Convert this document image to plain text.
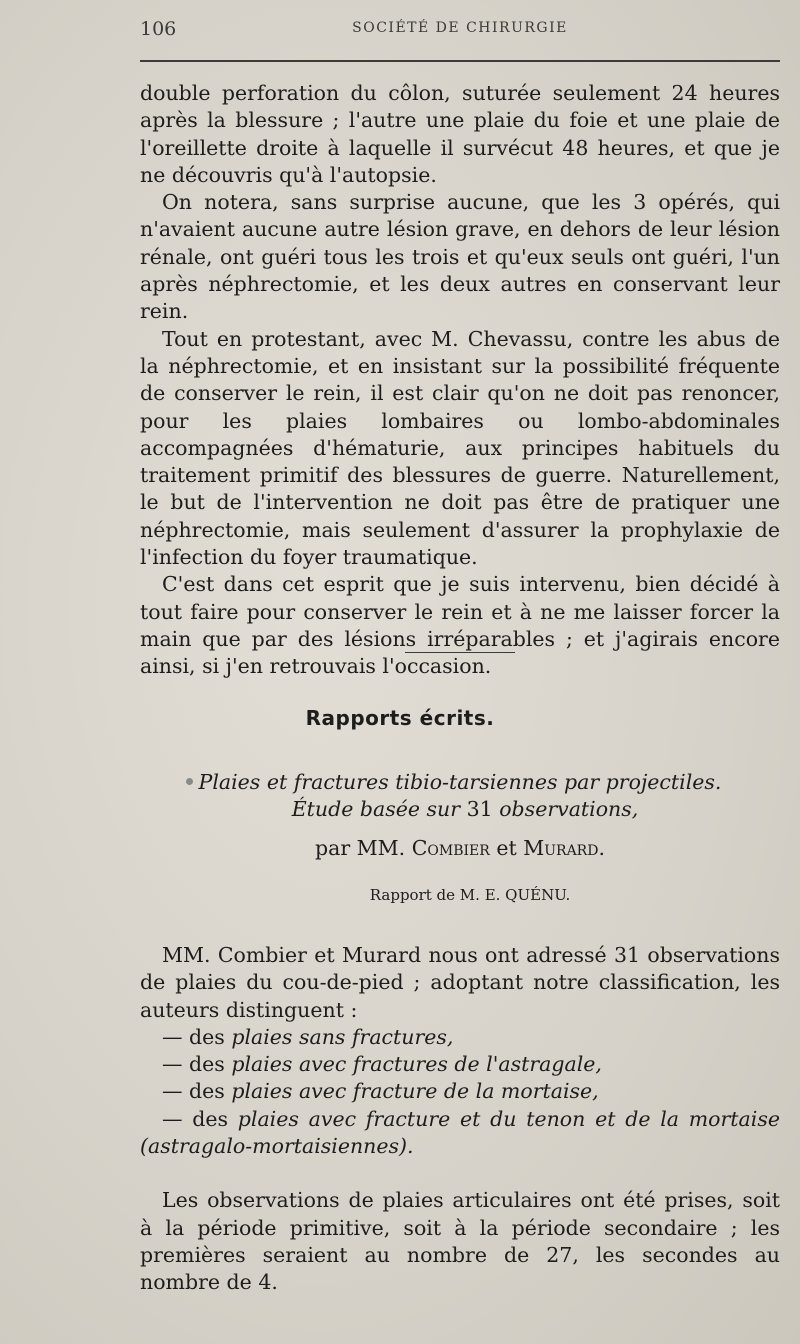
106	SOCIÉTÉ DE CHIRURGIE

double perforation du côlon, suturée seulement 24 heures après la blessure ; l'autre une plaie du foie et une plaie de l'oreillette droite à laquelle il survécut 48 heures, et que je ne découvris qu'à l'autopsie.

On notera, sans surprise aucune, que les 3 opérés, qui n'avaient aucune autre lésion grave, en dehors de leur lésion rénale, ont guéri tous les trois et qu'eux seuls ont guéri, l'un après néphrectomie, et les deux autres en conservant leur rein.

Tout en protestant, avec M. Chevassu, contre les abus de la néphrectomie, et en insistant sur la possibilité fréquente de conserver le rein, il est clair qu'on ne doit pas renoncer, pour les plaies lombaires ou lombo-abdominales accompagnées d'hématurie, aux principes habituels du traitement primitif des blessures de guerre. Naturellement, le but de l'intervention ne doit pas être de pratiquer une néphrectomie, mais seulement d'assurer la prophylaxie de l'infection du foyer traumatique.

C'est dans cet esprit que je suis intervenu, bien décidé à tout faire pour conserver le rein et à ne me laisser forcer la main que par des lésions irréparables ; et j'agirais encore ainsi, si j'en retrouvais l'occasion.

Rapports écrits.
Plaies et fractures tibio-tarsiennes par projectiles.
Étude basée sur 31 observations,
par MM. Combier et Murard.
Rapport de M. E. QUÉNU.

MM. Combier et Murard nous ont adressé 31 observations de plaies du cou-de-pied ; adoptant notre classification, les auteurs distinguent :

— des plaies sans fractures,

— des plaies avec fractures de l'astragale,

— des plaies avec fracture de la mortaise,

— des plaies avec fracture et du tenon et de la mortaise

(astragalo-mortaisiennes).

Les observations de plaies articulaires ont été prises, soit à la période primitive, soit à la période secondaire ; les premières seraient au nombre de 27, les secondes au nombre de 4.
